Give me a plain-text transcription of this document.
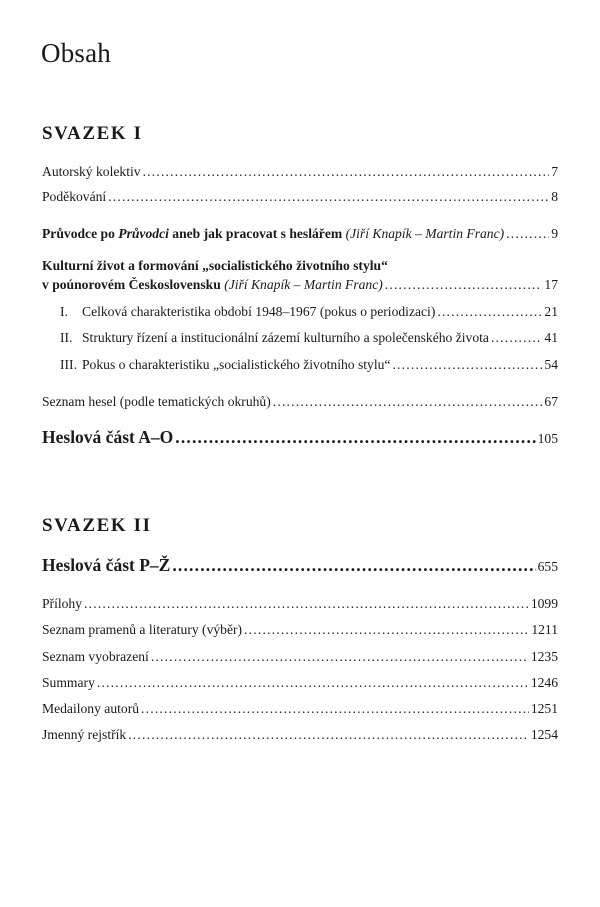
Obsah
SVAZEK I
Autorský kolektiv .....	7
Poděkování .....	8
Průvodce po Průvodci aneb jak pracovat s heslářem (Jiří Knapík – Martin Franc) .....	9
Kulturní život a formování „socialistického životního stylu“
v poúnorovém Československu (Jiří Knapík – Martin Franc) .....	17
I. Celková charakteristika období 1948–1967 (pokus o periodizaci) .....	21
II. Struktury řízení a institucionální zázemí kulturního a společenského života .....	41
III. Pokus o charakteristiku „socialistického životního stylu“ .....	54
Seznam hesel (podle tematických okruhů) .....	67
Heslová část A–O .....	105
SVAZEK II
Heslová část P–Ž .....	655
Přílohy .....	1099
Seznam pramenů a literatury (výběr) .....	1211
Seznam vyobrazení .....	1235
Summary .....	1246
Medailony autorů .....	1251
Jmenný rejstřík .....	1254
